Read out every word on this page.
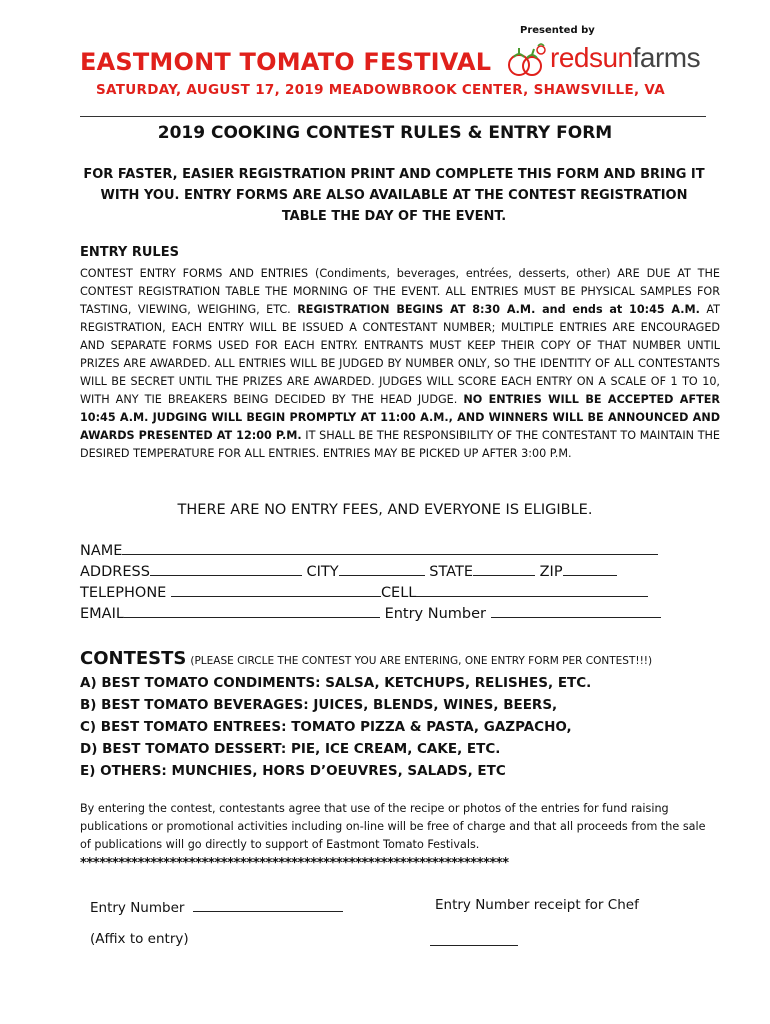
Presented by
EASTMONT TOMATO FESTIVAL redsunfarms
SATURDAY, AUGUST 17, 2019 MEADOWBROOK CENTER, SHAWSVILLE, VA
2019 COOKING CONTEST RULES & ENTRY FORM
FOR FASTER, EASIER REGISTRATION PRINT AND COMPLETE THIS FORM AND BRING IT WITH YOU. ENTRY FORMS ARE ALSO AVAILABLE AT THE CONTEST REGISTRATION TABLE THE DAY OF THE EVENT.
ENTRY RULES
CONTEST ENTRY FORMS AND ENTRIES (Condiments, beverages, entrées, desserts, other) ARE DUE AT THE CONTEST REGISTRATION TABLE THE MORNING OF THE EVENT. ALL ENTRIES MUST BE PHYSICAL SAMPLES FOR TASTING, VIEWING, WEIGHING, ETC. REGISTRATION BEGINS AT 8:30 A.M. and ends at 10:45 A.M. AT REGISTRATION, EACH ENTRY WILL BE ISSUED A CONTESTANT NUMBER; MULTIPLE ENTRIES ARE ENCOURAGED AND SEPARATE FORMS USED FOR EACH ENTRY. ENTRANTS MUST KEEP THEIR COPY OF THAT NUMBER UNTIL PRIZES ARE AWARDED. ALL ENTRIES WILL BE JUDGED BY NUMBER ONLY, SO THE IDENTITY OF ALL CONTESTANTS WILL BE SECRET UNTIL THE PRIZES ARE AWARDED. JUDGES WILL SCORE EACH ENTRY ON A SCALE OF 1 TO 10, WITH ANY TIE BREAKERS BEING DECIDED BY THE HEAD JUDGE. NO ENTRIES WILL BE ACCEPTED AFTER 10:45 A.M. JUDGING WILL BEGIN PROMPTLY AT 11:00 A.M., AND WINNERS WILL BE ANNOUNCED AND AWARDS PRESENTED AT 12:00 P.M. IT SHALL BE THE RESPONSIBILITY OF THE CONTESTANT TO MAINTAIN THE DESIRED TEMPERATURE FOR ALL ENTRIES. ENTRIES MAY BE PICKED UP AFTER 3:00 P.M.
THERE ARE NO ENTRY FEES, AND EVERYONE IS ELIGIBLE.
NAME
ADDRESS	CITY	STATE	ZIP
TELEPHONE	CELL
EMAIL	Entry Number
CONTESTS (PLEASE CIRCLE THE CONTEST YOU ARE ENTERING, ONE ENTRY FORM PER CONTEST!!!)
A) BEST TOMATO CONDIMENTS: SALSA, KETCHUPS, RELISHES, ETC.
B) BEST TOMATO BEVERAGES: JUICES, BLENDS, WINES, BEERS,
C) BEST TOMATO ENTREES: TOMATO PIZZA & PASTA, GAZPACHO,
D) BEST TOMATO DESSERT: PIE, ICE CREAM, CAKE, ETC.
E) OTHERS: MUNCHIES, HORS D’OEUVRES, SALADS, ETC
By entering the contest, contestants agree that use of the recipe or photos of the entries for fund raising publications or promotional activities including on-line will be free of charge and that all proceeds from the sale of publications will go directly to support of Eastmont Tomato Festivals.
*******************************************************************
Entry Number	Entry Number receipt for Chef
(Affix to entry)
